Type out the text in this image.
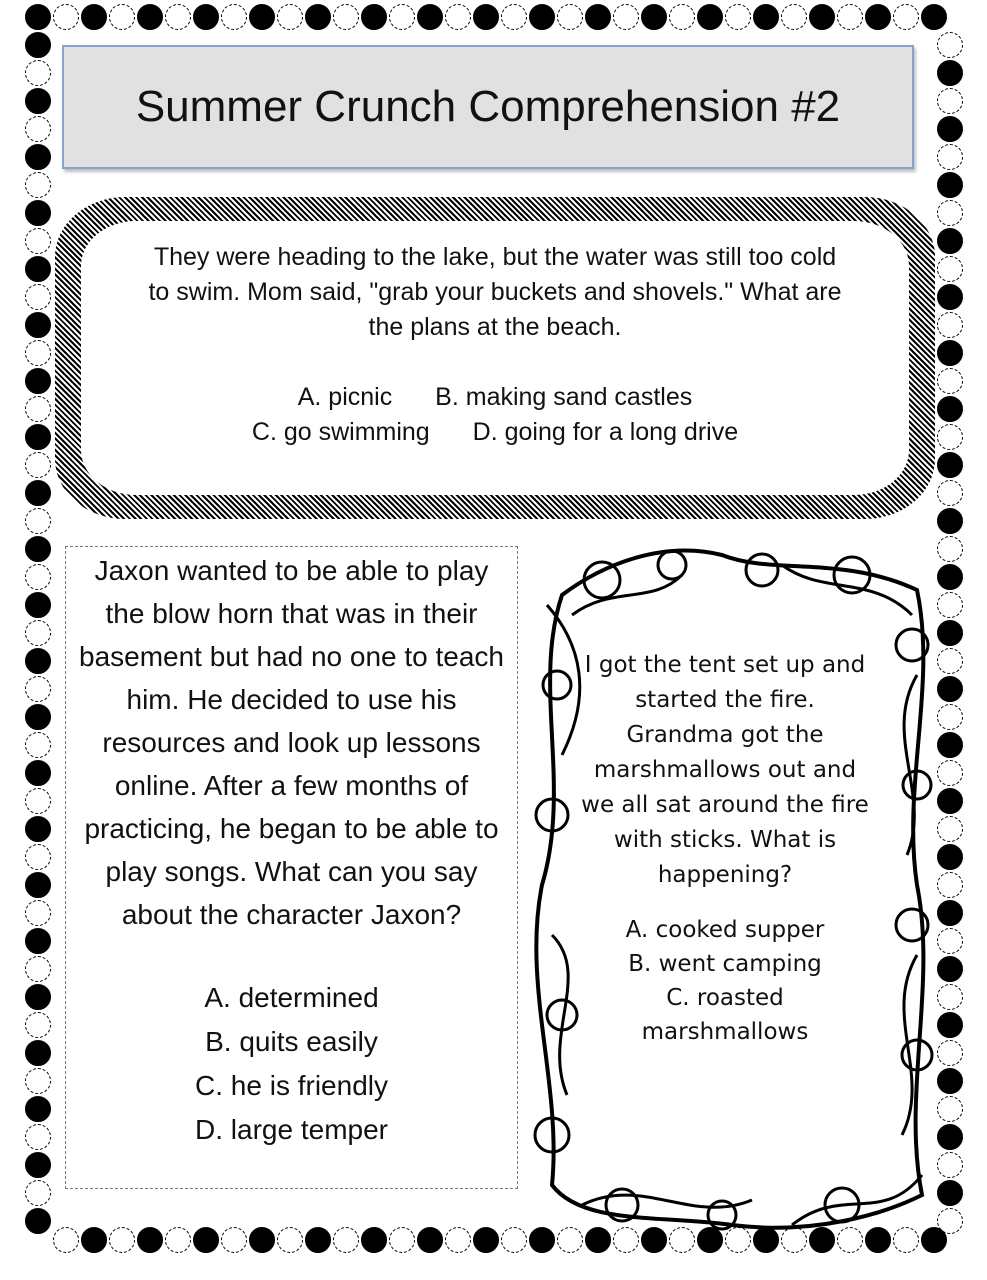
Summer Crunch Comprehension #2
They were heading to the lake, but the water was still too cold to swim. Mom said, "grab your buckets and shovels." What are the plans at the beach.
A. picnic B. making sand castles
C. go swimming D. going for a long drive
Jaxon wanted to be able to play the blow horn that was in their basement but had no one to teach him. He decided to use his resources and look up lessons online. After a few months of practicing, he began to be able to play songs. What can you say about the character Jaxon?
A. determined
B. quits easily
C. he is friendly
D. large temper
I got the tent set up and started the fire. Grandma got the marshmallows out and we all sat around the fire with sticks. What is happening?
A. cooked supper
B. went camping
C. roasted marshmallows
